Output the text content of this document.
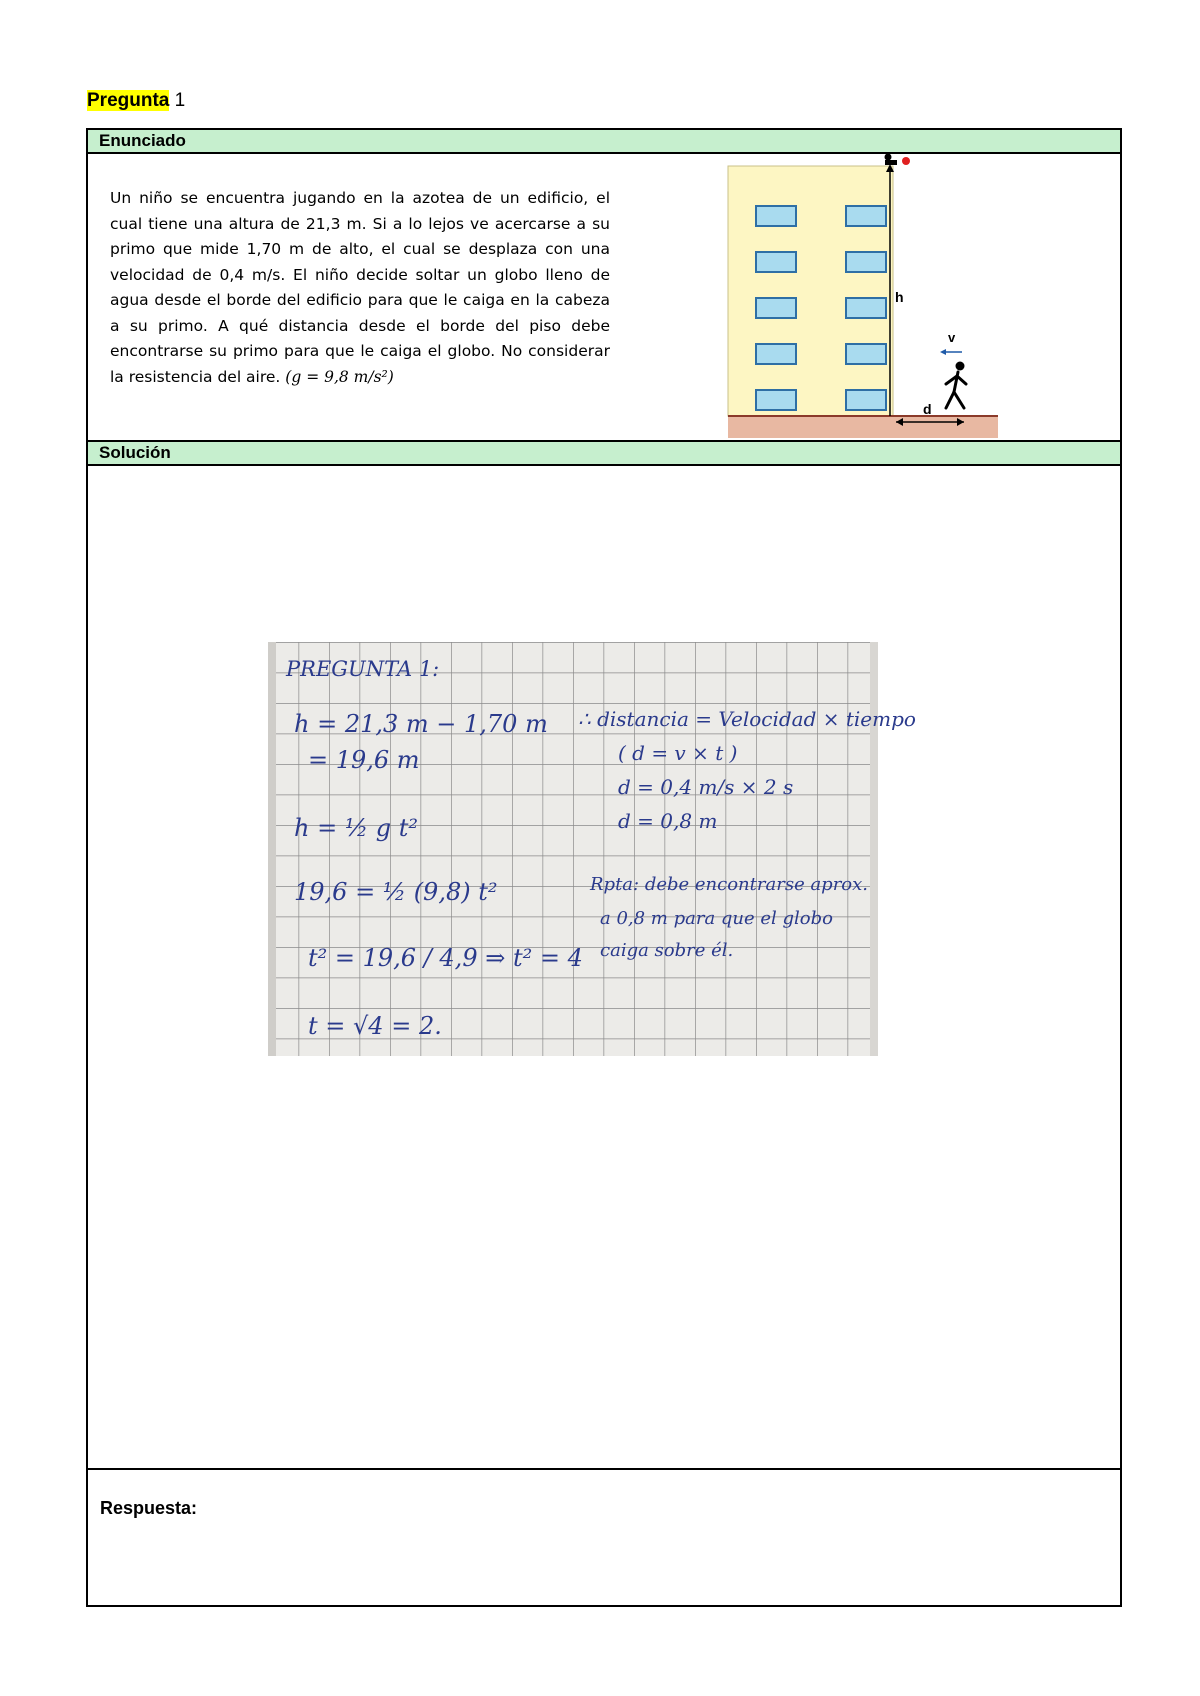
Pregunta 1
Enunciado
Un niño se encuentra jugando en la azotea de un edificio, el cual tiene una altura de 21,3 m. Si a lo lejos ve acercarse a su primo que mide 1,70 m de alto, el cual se desplaza con una velocidad de 0,4 m/s. El niño decide soltar un globo lleno de agua desde el borde del edificio para que le caiga en la cabeza a su primo. A qué distancia desde el borde del piso debe encontrarse su primo para que le caiga el globo. No considerar la resistencia del aire. (g = 9,8 m/s²)
h
d
v
Solución
PREGUNTA 1:
h = 21,3 m − 1,70 m
= 19,6 m
h = ½ g t²
19,6 = ½ (9,8) t²
t² = 19,6 / 4,9 ⇒ t² = 4
t = √4 = 2.
∴ distancia = Velocidad × tiempo
( d = v × t )
d = 0,4 m/s × 2 s
d = 0,8 m
Rpta: debe encontrarse aprox.
a 0,8 m para que el globo
caiga sobre él.
Respuesta:
